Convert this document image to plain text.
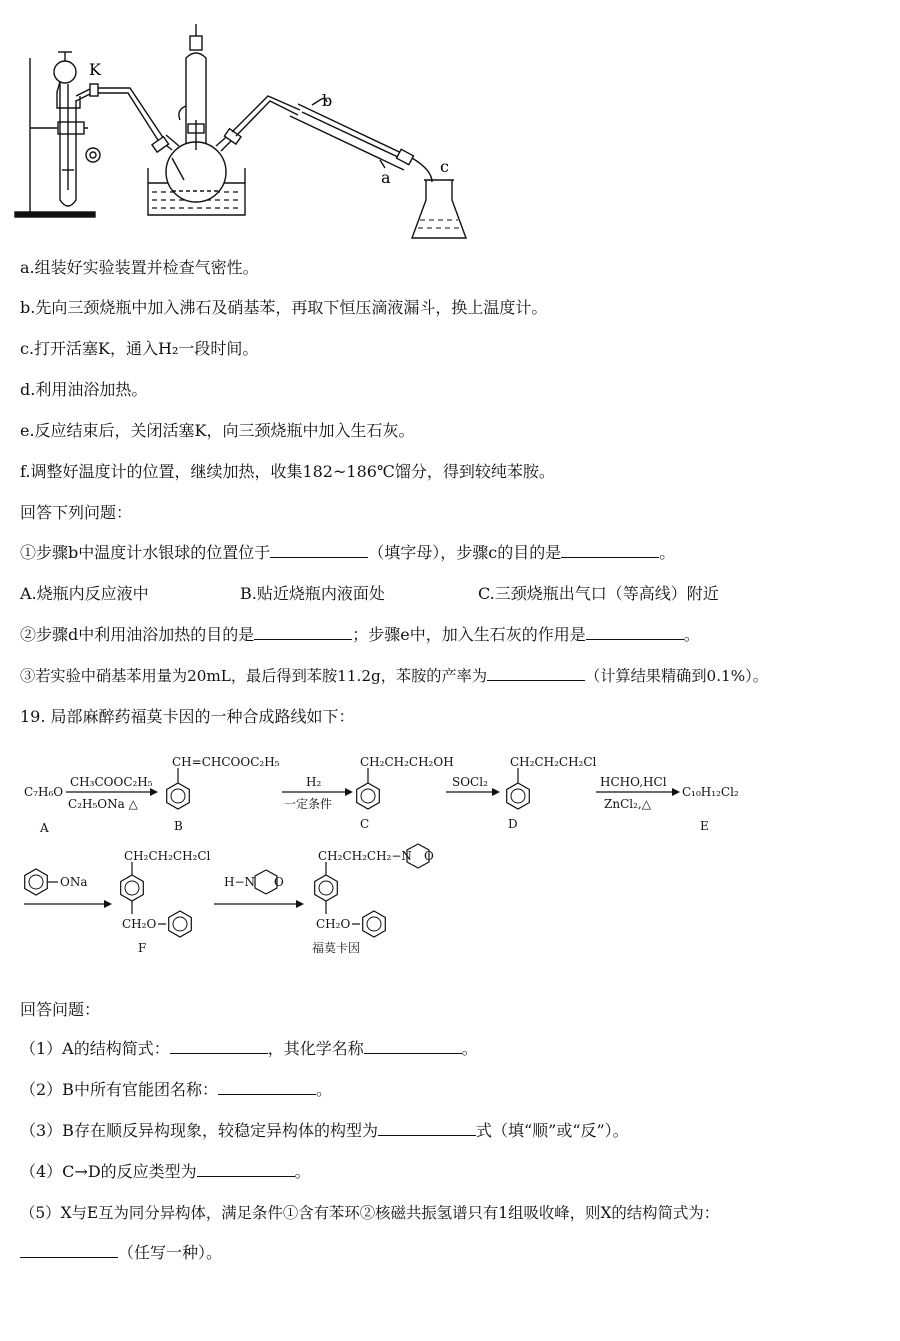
K
b
a
c
a.组装好实验装置并检查气密性。
b.先向三颈烧瓶中加入沸石及硝基苯，再取下恒压滴液漏斗，换上温度计。
c.打开活塞K，通入H₂一段时间。
d.利用油浴加热。
e.反应结束后，关闭活塞K，向三颈烧瓶中加入生石灰。
f.调整好温度计的位置，继续加热，收集182~186℃馏分，得到较纯苯胺。
回答下列问题：
①步骤b中温度计水银球的位置位于	（填字母），步骤c的目的是	。
A.烧瓶内反应液中	B.贴近烧瓶内液面处	C.三颈烧瓶出气口（等高线）附近
②步骤d中利用油浴加热的目的是	；步骤e中，加入生石灰的作用是	。
③若实验中硝基苯用量为20mL，最后得到苯胺11.2g，苯胺的产率为	（计算结果精确到0.1%）。
19. 局部麻醉药福莫卡因的一种合成路线如下：
C₇H₆O
A
CH₃COOC₂H₅
C₂H₅ONa △
CH=CHCOOC₂H₅
B
H₂
一定条件
CH₂CH₂CH₂OH
C
SOCl₂
CH₂CH₂CH₂Cl
D
HCHO,HCl
ZnCl₂,△
C₁₀H₁₂Cl₂
E
ONa
CH₂CH₂CH₂Cl
CH₂O
F
H−N O
CH₂CH₂CH₂−N O
CH₂O
福莫卡因
回答问题：
（1）A的结构简式：	，其化学名称	。
（2）B中所有官能团名称：	。
（3）B存在顺反异构现象，较稳定异构体的构型为	式（填“顺”或“反”）。
（4）C→D的反应类型为	。
（5）X与E互为同分异构体，满足条件①含有苯环②核磁共振氢谱只有1组吸收峰，则X的结构简式为：
（任写一种）。
